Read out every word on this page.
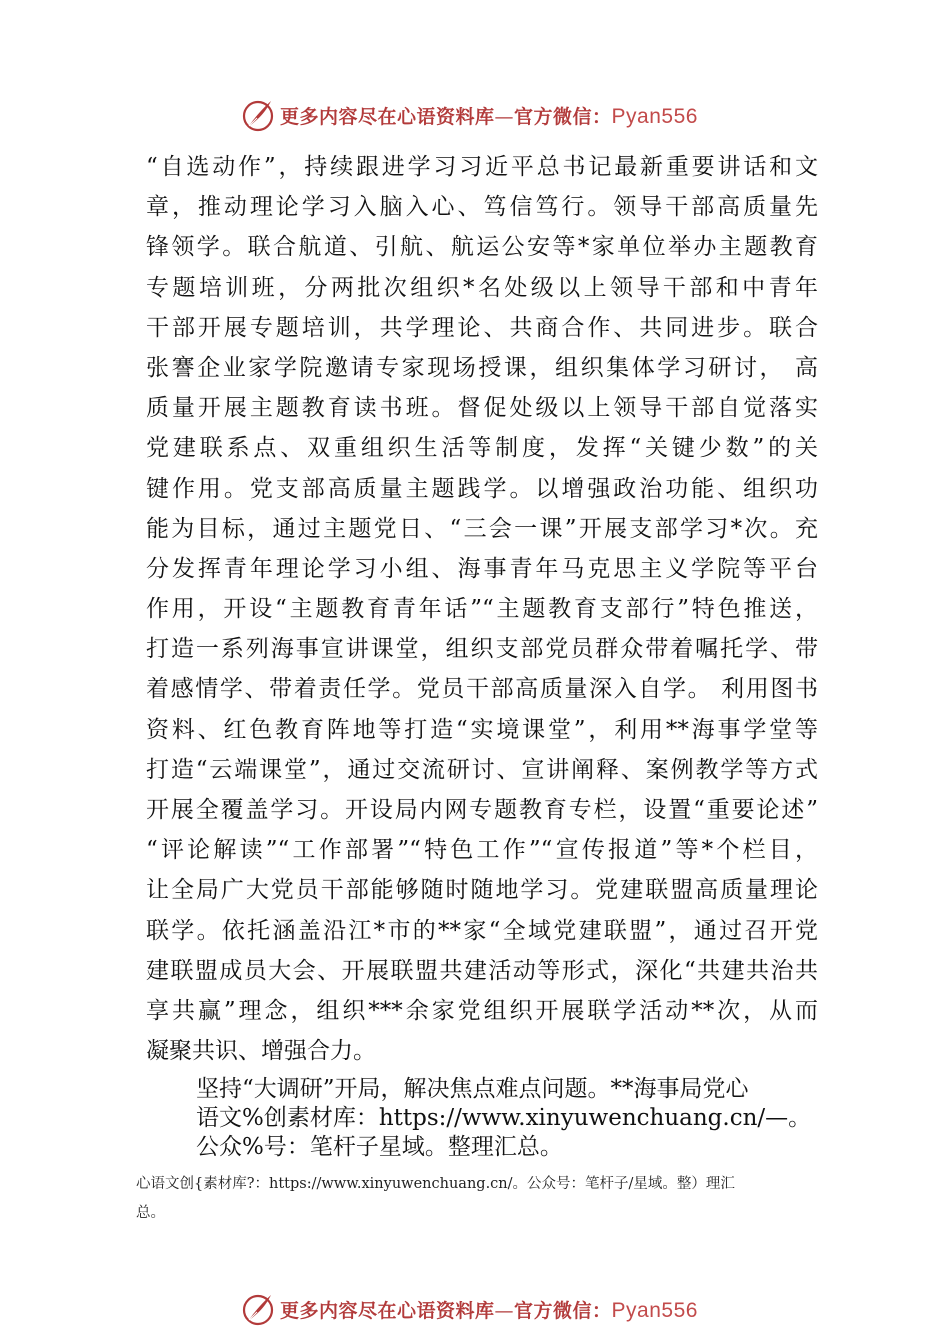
更多内容尽在心语资料库—官方微信：Pyan556
“自选动作”，持续跟进学习习近平总书记最新重要讲话和文
章，推动理论学习入脑入心、笃信笃行。领导干部高质量先
锋领学。联合航道、引航、航运公安等*家单位举办主题教育
专题培训班，分两批次组织*名处级以上领导干部和中青年
干部开展专题培训，共学理论、共商合作、共同进步。联合
张謇企业家学院邀请专家现场授课，组织集体学习研讨， 高
质量开展主题教育读书班。督促处级以上领导干部自觉落实
党建联系点、双重组织生活等制度，发挥“关键少数”的关
键作用。党支部高质量主题践学。以增强政治功能、组织功
能为目标，通过主题党日、“三会一课”开展支部学习*次。充
分发挥青年理论学习小组、海事青年马克思主义学院等平台
作用，开设“主题教育青年话”“主题教育支部行”特色推送，
打造一系列海事宣讲课堂，组织支部党员群众带着嘱托学、带
着感情学、带着责任学。党员干部高质量深入自学。 利用图书
资料、红色教育阵地等打造“实境课堂”，利用**海事学堂等
打造“云端课堂”，通过交流研讨、宣讲阐释、案例教学等方式
开展全覆盖学习。开设局内网专题教育专栏，设置“重要论述”
“评论解读”“工作部署”“特色工作”“宣传报道”等*个栏目，
让全局广大党员干部能够随时随地学习。党建联盟高质量理论
联学。依托涵盖沿江*市的**家“全域党建联盟”，通过召开党
建联盟成员大会、开展联盟共建活动等形式，深化“共建共治共
享共赢”理念，组织***余家党组织开展联学活动**次，从而
凝聚共识、增强合力。
坚持“大调研”开局，解决焦点难点问题。**海事局党心
语文%创素材库：https://www.xinyuwenchuang.cn/—。
公众%号：笔杆子星域。整理汇总。
心语文创{素材库?：https://www.xinyuwenchuang.cn/。公众号：笔杆子/星域。整）理汇
总。
更多内容尽在心语资料库—官方微信：Pyan556
